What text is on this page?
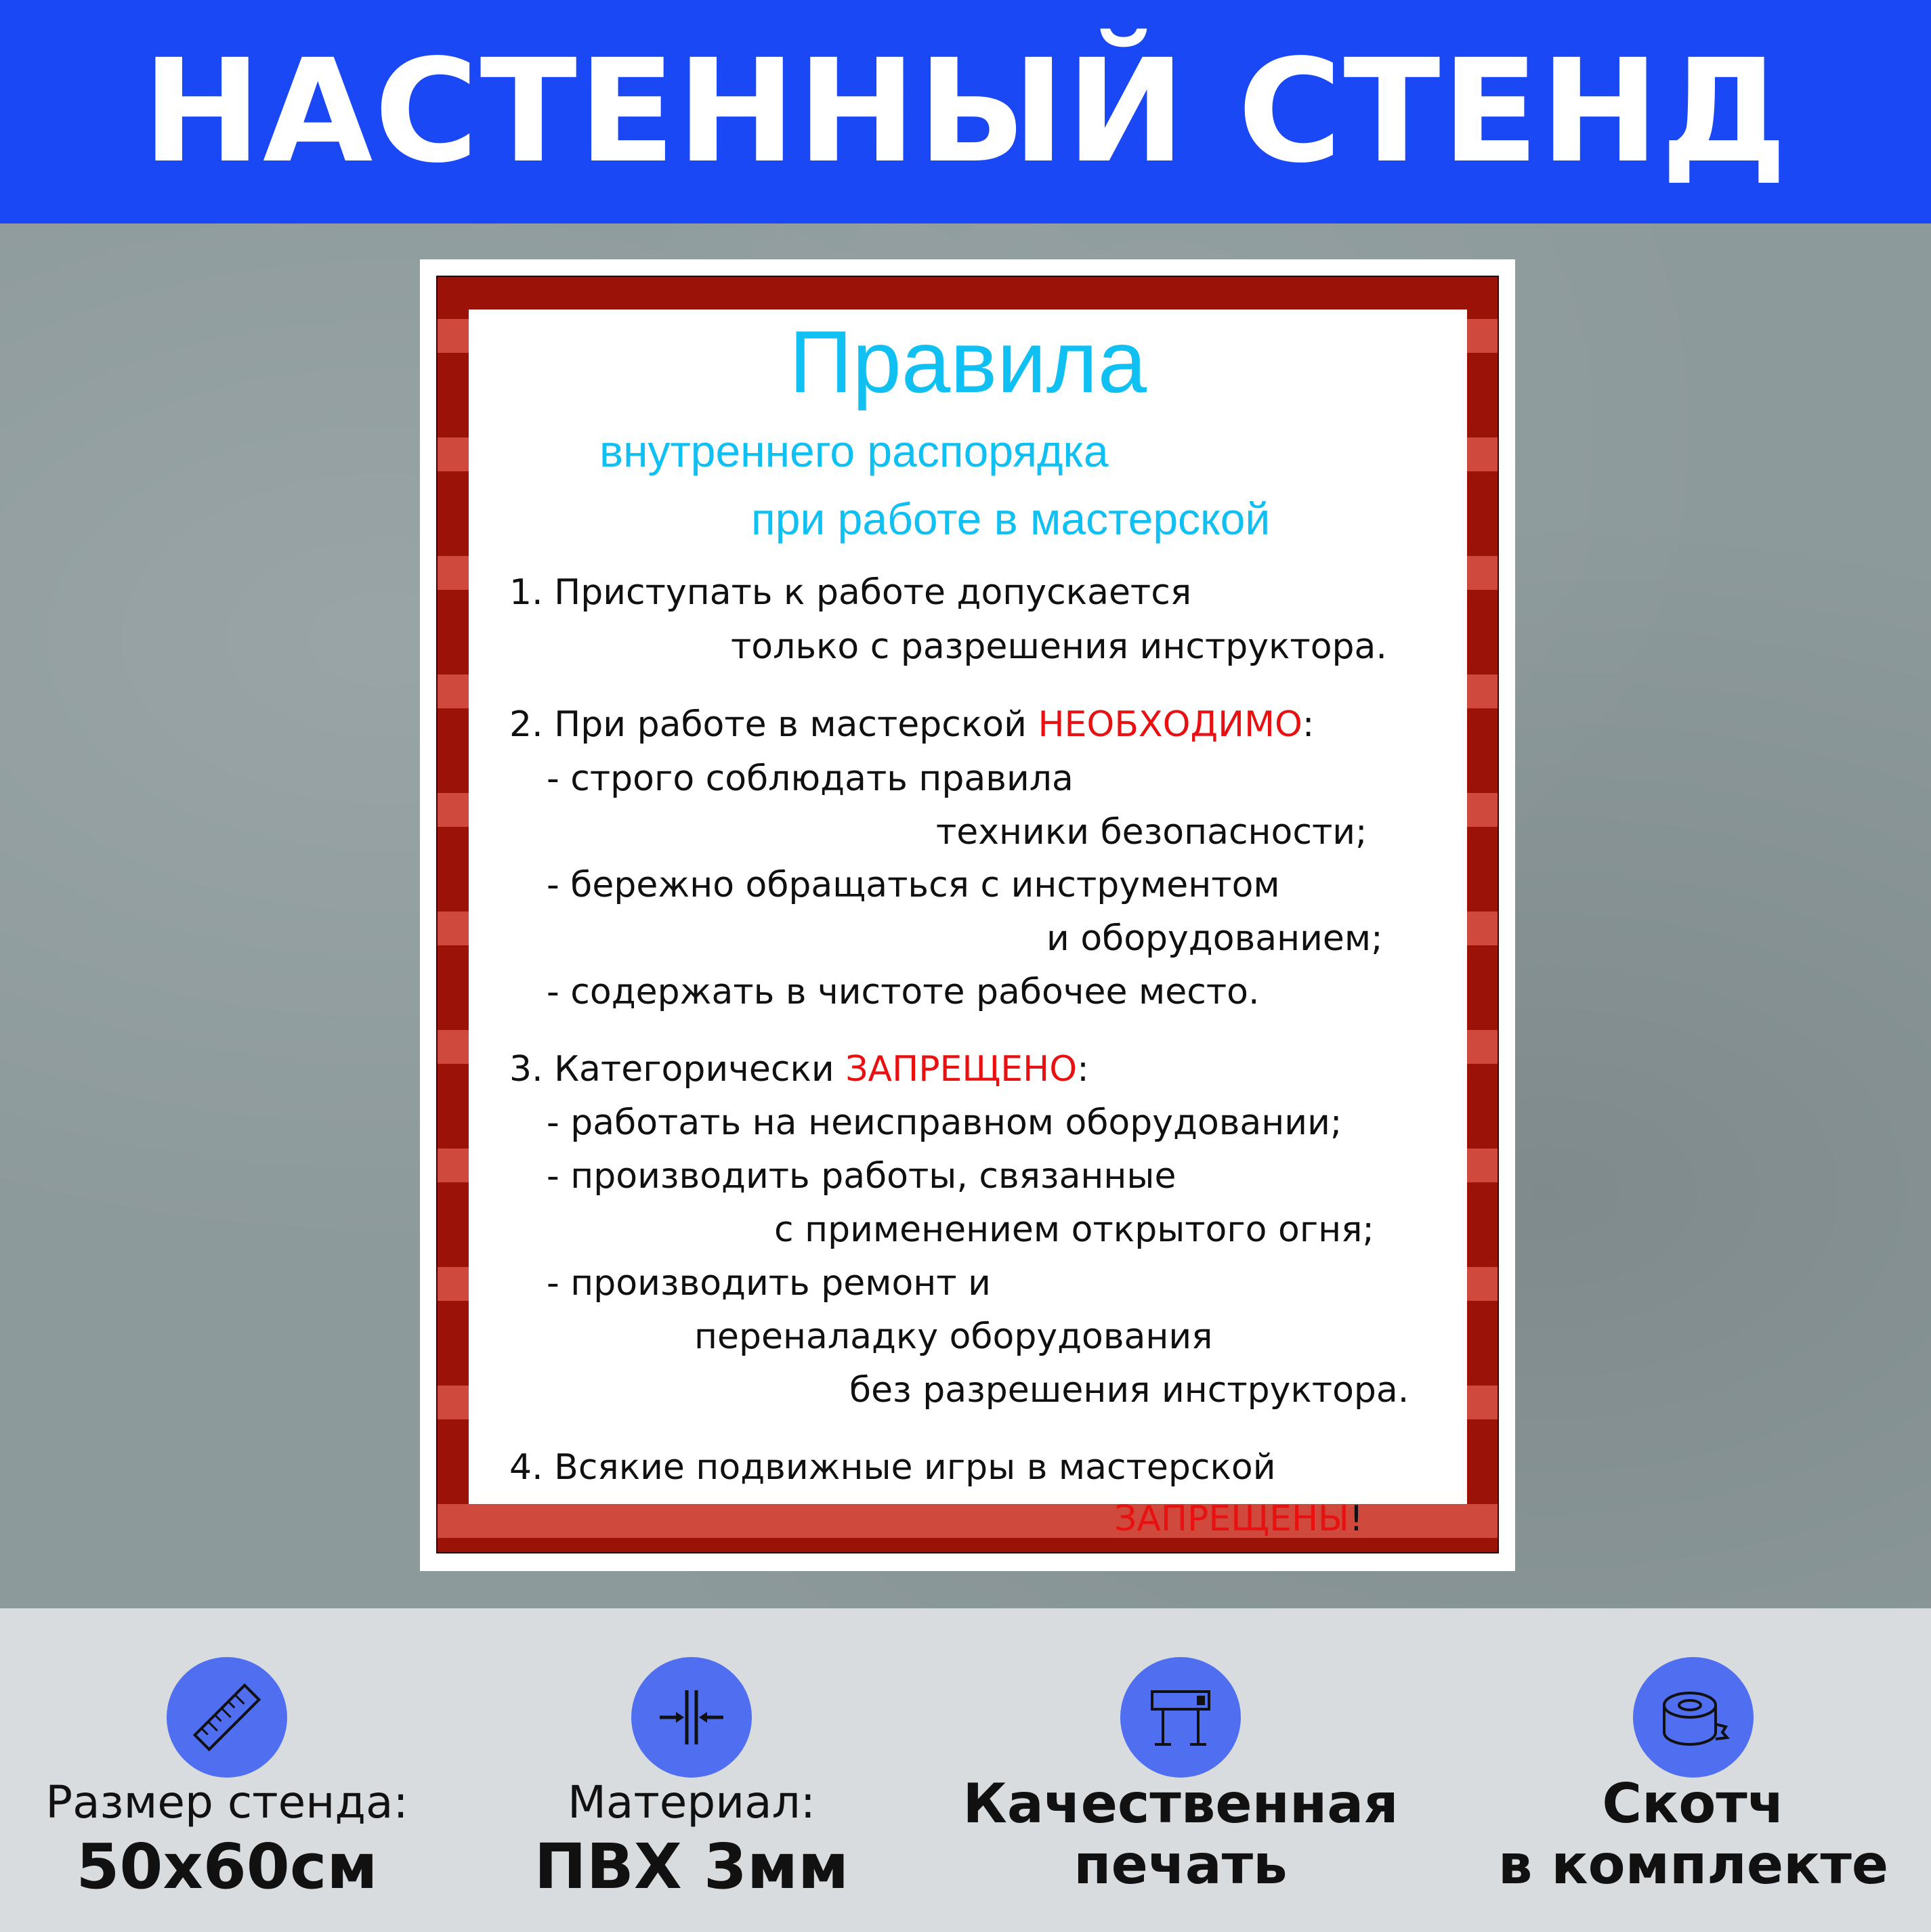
НАСТЕННЫЙ СТЕНД
Правила
внутреннего распорядка
при работе в мастерской
1. Приступать к работе допускается
только с разрешения инструктора.
2. При работе в мастерской НЕОБХОДИМО:
- строго соблюдать правила
техники безопасности;
- бережно обращаться с инструментом
и оборудованием;
- содержать в чистоте рабочее место.
3. Категорически ЗАПРЕЩЕНО:
- работать на неисправном оборудовании;
- производить работы, связанные
с применением открытого огня;
- производить ремонт и
переналадку оборудования
без разрешения инструктора.
4. Всякие подвижные игры в мастерской
ЗАПРЕЩЕНЫ!
Размер стенда:
50х60см
Материал:
ПВХ 3мм
Качественная
печать
Скотч
в комплекте
